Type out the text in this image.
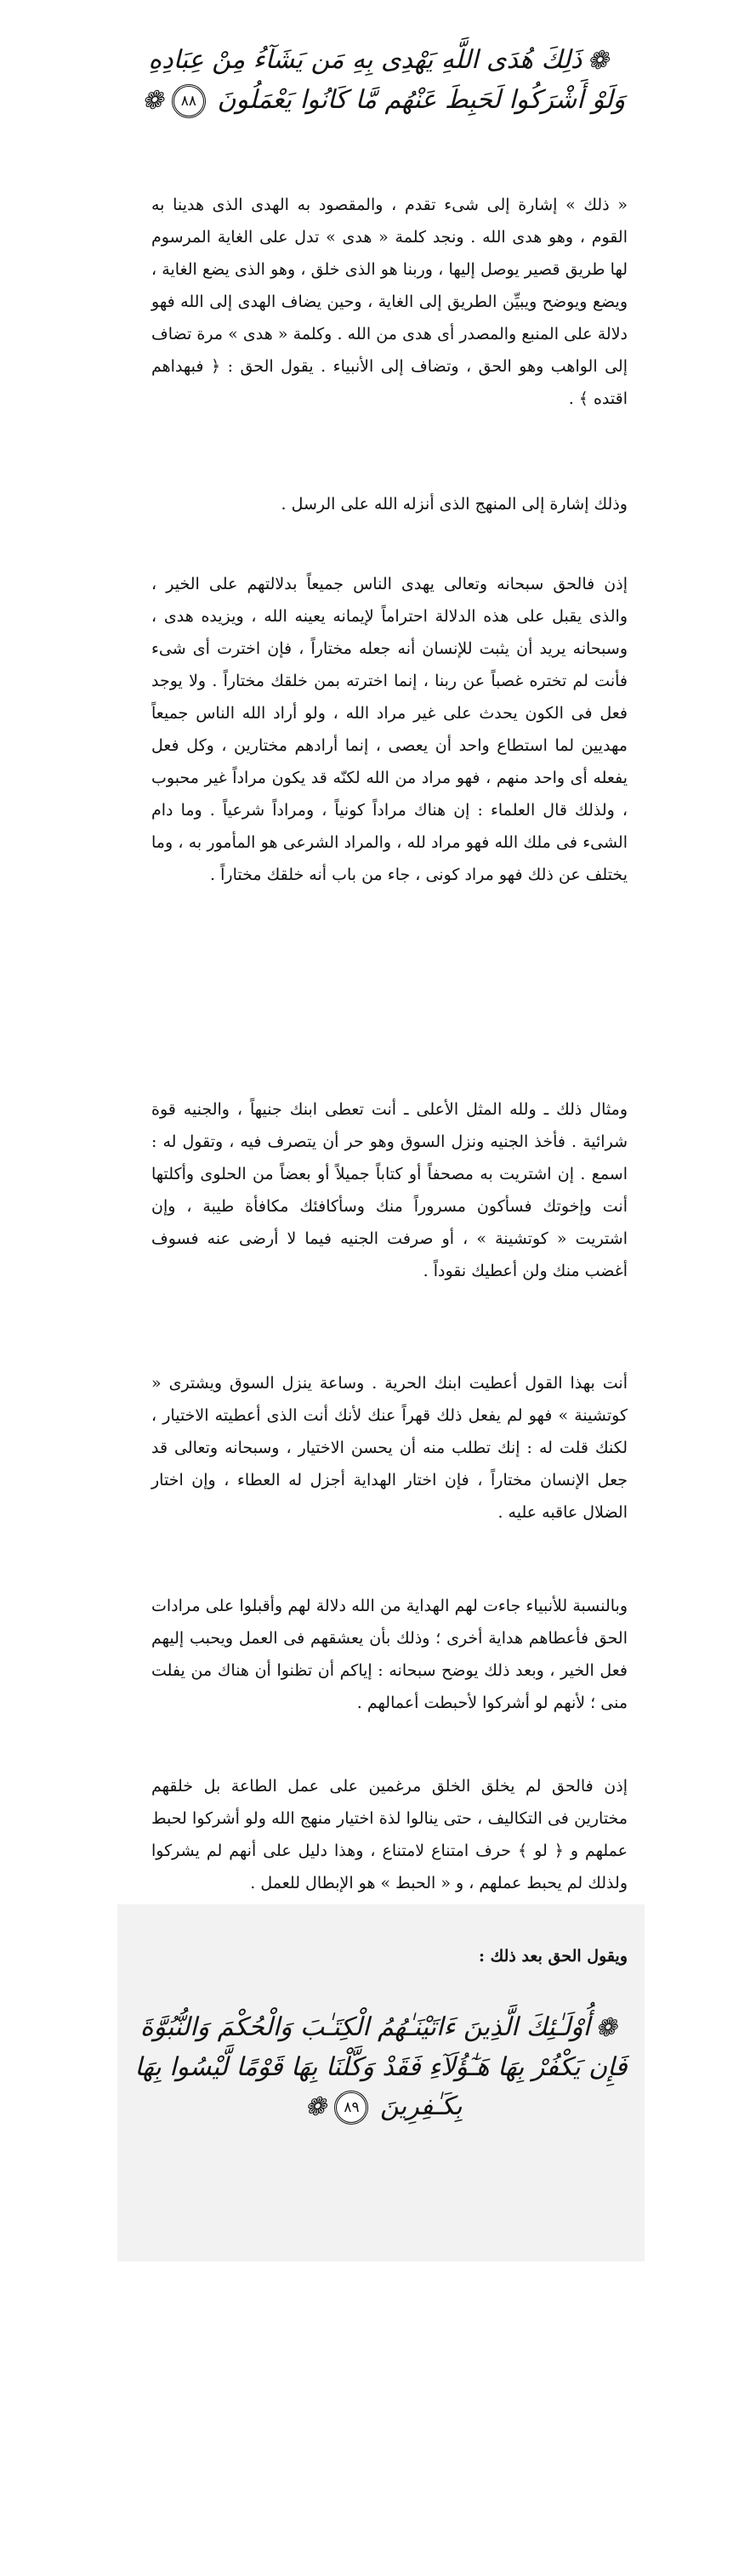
❁ذَلِكَ هُدَى اللَّهِ يَهْدِى بِهِ مَن يَشَآءُ مِنْ عِبَادِهِ
وَلَوْ أَشْرَكُوا لَحَبِطَ عَنْهُم مَّا كَانُوا يَعْمَلُونَ ٨٨❁
« ذلك » إشارة إلى شىء تقدم ، والمقصود به الهدى الذى هدينا به القوم ، وهو هدى الله . ونجد كلمة « هدى » تدل على الغاية المرسوم لها طريق قصير يوصل إليها ، وربنا هو الذى خلق ، وهو الذى يضع الغاية ، ويضع ويوضح ويبيِّن الطريق إلى الغاية ، وحين يضاف الهدى إلى الله فهو دلالة على المنبع والمصدر أى هدى من الله . وكلمة « هدى » مرة تضاف إلى الواهب وهو الحق ، وتضاف إلى الأنبياء . يقول الحق : ﴿ فبهداهم اقتده ﴾ .
وذلك إشارة إلى المنهج الذى أنزله الله على الرسل .
إذن فالحق سبحانه وتعالى يهدى الناس جميعاً بدلالتهم على الخير ، والذى يقبل على هذه الدلالة احتراماً لإيمانه يعينه الله ، ويزيده هدى ، وسبحانه يريد أن يثبت للإنسان أنه جعله مختاراً ، فإن اخترت أى شىء فأنت لم تختره غصباً عن ربنا ، إنما اخترته بمن خلقك مختاراً . ولا يوجد فعل فى الكون يحدث على غير مراد الله ، ولو أراد الله الناس جميعاً مهديين لما استطاع واحد أن يعصى ، إنما أرادهم مختارين ، وكل فعل يفعله أى واحد منهم ، فهو مراد من الله لكنّه قد يكون مراداً غير محبوب ، ولذلك قال العلماء : إن هناك مراداً كونياً ، ومراداً شرعياً . وما دام الشىء فى ملك الله فهو مراد لله ، والمراد الشرعى هو المأمور به ، وما يختلف عن ذلك فهو مراد كونى ، جاء من باب أنه خلقك مختاراً .
ومثال ذلك ـ ولله المثل الأعلى ـ أنت تعطى ابنك جنيهاً ، والجنيه قوة شرائية . فأخذ الجنيه ونزل السوق وهو حر أن يتصرف فيه ، وتقول له : اسمع . إن اشتريت به مصحفاً أو كتاباً جميلاً أو بعضاً من الحلوى وأكلتها أنت وإخوتك فسأكون مسروراً منك وسأكافئك مكافأة طيبة ، وإن اشتريت « كوتشينة » ، أو صرفت الجنيه فيما لا أرضى عنه فسوف أغضب منك ولن أعطيك نقوداً .
أنت بهذا القول أعطيت ابنك الحرية . وساعة ينزل السوق ويشترى « كوتشينة » فهو لم يفعل ذلك قهراً عنك لأنك أنت الذى أعطيته الاختيار ، لكنك قلت له : إنك تطلب منه أن يحسن الاختيار ، وسبحانه وتعالى قد جعل الإنسان مختاراً ، فإن اختار الهداية أجزل له العطاء ، وإن اختار الضلال عاقبه عليه .
وبالنسبة للأنبياء جاءت لهم الهداية من الله دلالة لهم وأقبلوا على مرادات الحق فأعطاهم هداية أخرى ؛ وذلك بأن يعشقهم فى العمل ويحبب إليهم فعل الخير ، وبعد ذلك يوضح سبحانه : إياكم أن تظنوا أن هناك من يفلت منى ؛ لأنهم لو أشركوا لأحبطت أعمالهم .
إذن فالحق لم يخلق الخلق مرغمين على عمل الطاعة بل خلقهم مختارين فى التكاليف ، حتى ينالوا لذة اختيار منهج الله ولو أشركوا لحبط عملهم و ﴿ لو ﴾ حرف امتناع لامتناع ، وهذا دليل على أنهم لم يشركوا ولذلك لم يحبط عملهم ، و « الحبط » هو الإبطال للعمل .
ويقول الحق بعد ذلك :
❁أُوْلَـٰئِكَ الَّذِينَ ءَاتَيْنَـٰهُمُ الْكِتَـٰبَ وَالْحُكْمَ وَالنُّبُوَّةَ
فَإِن يَكْفُرْ بِهَا هَـٰٓؤُلَآءِ فَقَدْ وَكَّلْنَا بِهَا قَوْمًا لَّيْسُوا بِهَا
بِكَـٰفِرِينَ ٨٩❁
